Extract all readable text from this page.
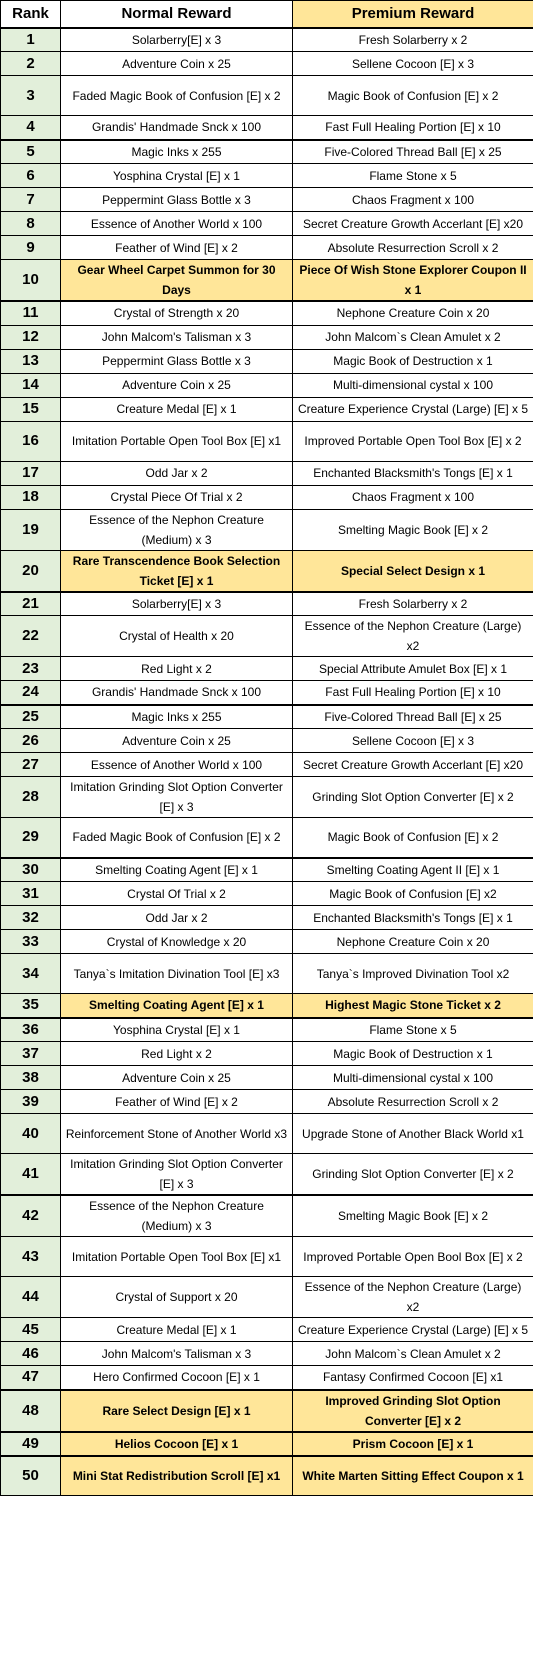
Rank	Normal Reward	Premium Reward
1	Solarberry[E] x 3	Fresh Solarberry x 2
2	Adventure Coin x 25	Sellene Cocoon [E] x 3
3	Faded Magic Book of Confusion [E] x 2	Magic Book of Confusion [E] x 2
4	Grandis' Handmade Snck x 100	Fast Full Healing Portion [E] x 10
5	Magic Inks x 255	Five-Colored Thread Ball [E] x 25
6	Yosphina Crystal [E] x 1	Flame Stone x 5
7	Peppermint Glass Bottle x 3	Chaos Fragment x 100
8	Essence of Another World x 100	Secret Creature Growth Accerlant [E] x20
9	Feather of Wind [E] x 2	Absolute Resurrection Scroll x 2
10	Gear Wheel Carpet Summon for 30 Days	Piece Of Wish Stone Explorer Coupon II x 1
11	Crystal of Strength x 20	Nephone Creature Coin x 20
12	John Malcom's Talisman x 3	John Malcom`s Clean Amulet x 2
13	Peppermint Glass Bottle x 3	Magic Book of Destruction x 1
14	Adventure Coin x 25	Multi-dimensional cystal x 100
15	Creature Medal [E] x 1	Creature Experience Crystal (Large) [E] x 5
16	Imitation Portable Open Tool Box [E] x1	Improved Portable Open Tool Box [E] x 2
17	Odd Jar x 2	Enchanted Blacksmith's Tongs [E] x 1
18	Crystal Piece Of Trial x 2	Chaos Fragment x 100
19	Essence of the Nephon Creature (Medium) x 3	Smelting Magic Book [E] x 2
20	Rare Transcendence Book Selection Ticket [E] x 1	Special Select Design x 1
21	Solarberry[E] x 3	Fresh Solarberry x 2
22	Crystal of Health x 20	Essence of the Nephon Creature (Large) x2
23	Red Light x 2	Special Attribute Amulet Box [E] x 1
24	Grandis' Handmade Snck x 100	Fast Full Healing Portion [E] x 10
25	Magic Inks x 255	Five-Colored Thread Ball [E] x 25
26	Adventure Coin x 25	Sellene Cocoon [E] x 3
27	Essence of Another World x 100	Secret Creature Growth Accerlant [E] x20
28	Imitation Grinding Slot Option Converter [E] x 3	Grinding Slot Option Converter [E] x 2
29	Faded Magic Book of Confusion [E] x 2	Magic Book of Confusion [E] x 2
30	Smelting Coating Agent [E] x 1	Smelting Coating Agent II [E] x 1
31	Crystal Of Trial x 2	Magic Book of Confusion [E] x2
32	Odd Jar x 2	Enchanted Blacksmith's Tongs [E] x 1
33	Crystal of Knowledge x 20	Nephone Creature Coin x 20
34	Tanya`s Imitation Divination Tool [E] x3	Tanya`s Improved Divination Tool x2
35	Smelting Coating Agent [E] x 1	Highest Magic Stone Ticket x 2
36	Yosphina Crystal [E] x 1	Flame Stone x 5
37	Red Light x 2	Magic Book of Destruction x 1
38	Adventure Coin x 25	Multi-dimensional cystal x 100
39	Feather of Wind [E] x 2	Absolute Resurrection Scroll x 2
40	Reinforcement Stone of Another World x3	Upgrade Stone of Another Black World x1
41	Imitation Grinding Slot Option Converter [E] x 3	Grinding Slot Option Converter [E] x 2
42	Essence of the Nephon Creature (Medium) x 3	Smelting Magic Book [E] x 2
43	Imitation Portable Open Tool Box [E] x1	Improved Portable Open Bool Box [E] x 2
44	Crystal of Support x 20	Essence of the Nephon Creature (Large) x2
45	Creature Medal [E] x 1	Creature Experience Crystal (Large) [E] x 5
46	John Malcom's Talisman x 3	John Malcom`s Clean Amulet x 2
47	Hero Confirmed Cocoon [E] x 1	Fantasy Confirmed Cocoon [E] x1
48	Rare Select Design [E] x 1	Improved Grinding Slot Option Converter [E] x 2
49	Helios Cocoon [E] x 1	Prism Cocoon [E] x 1
50	Mini Stat Redistribution Scroll [E] x1	White Marten Sitting Effect Coupon x 1
